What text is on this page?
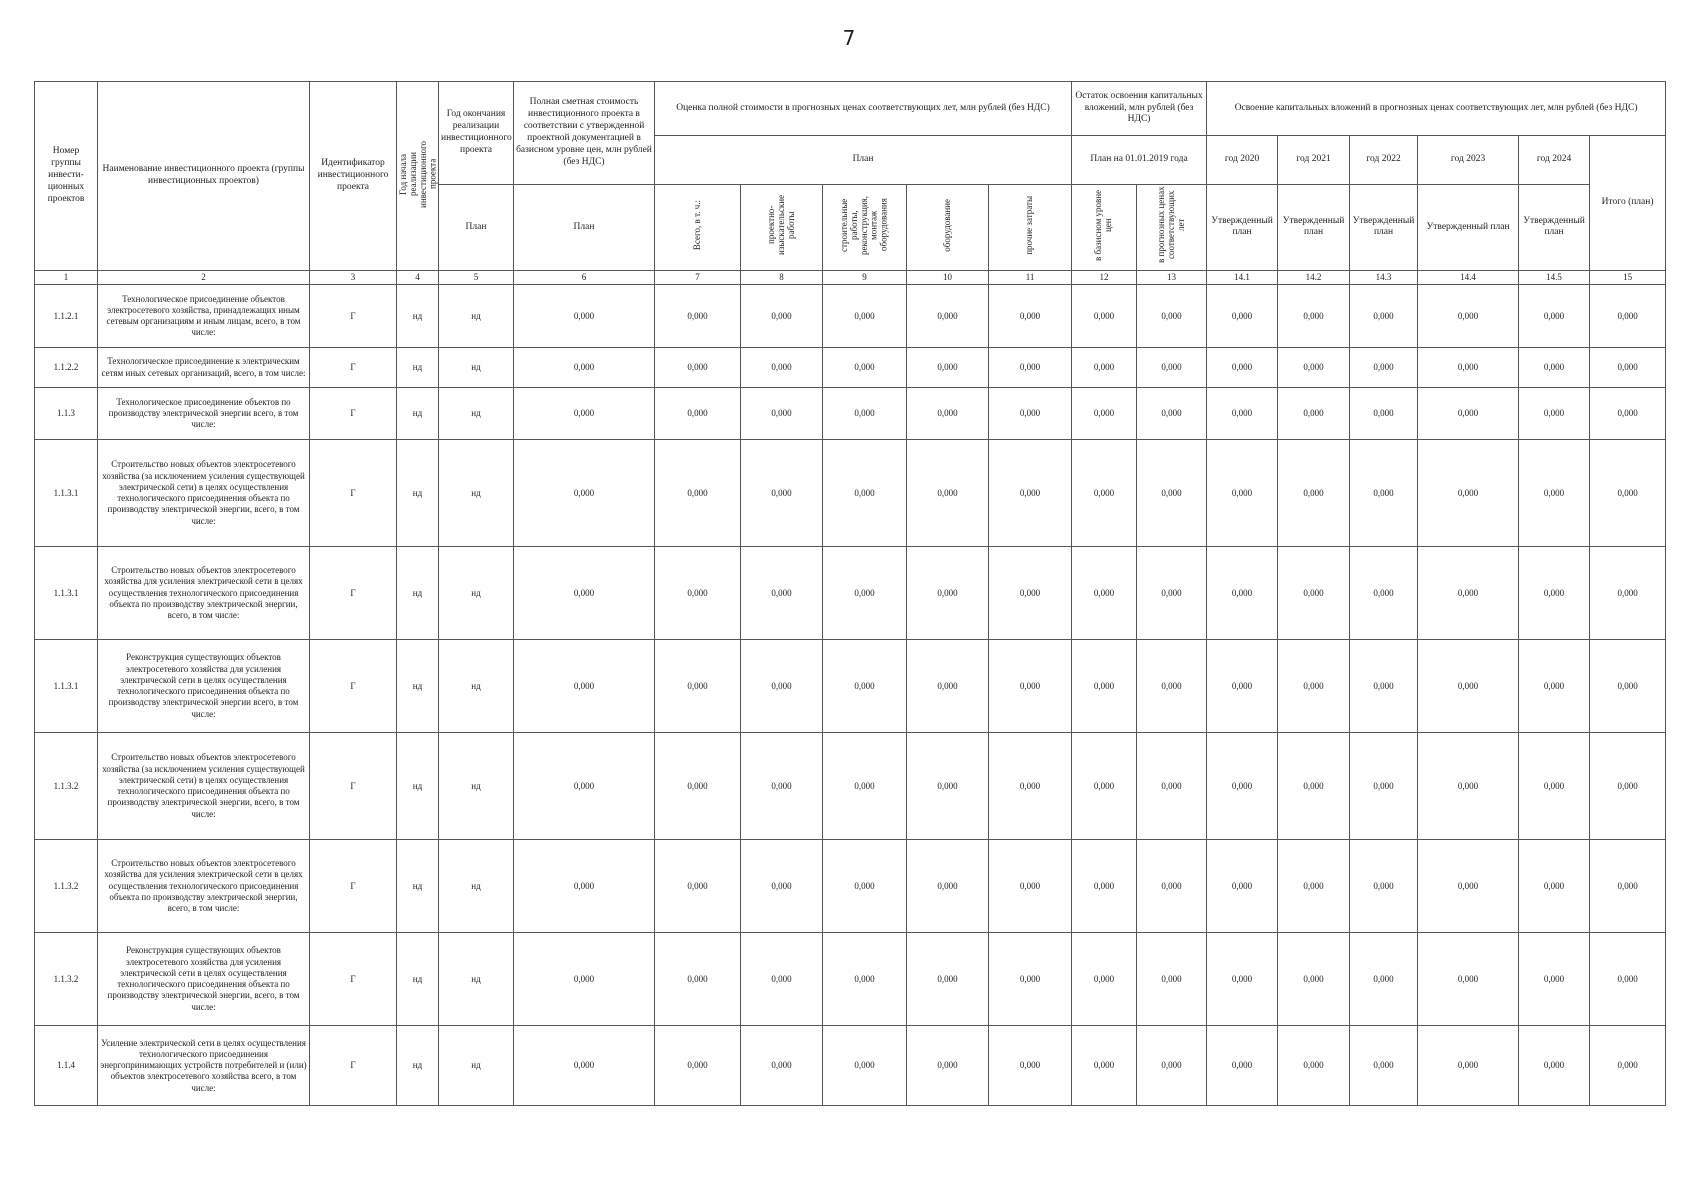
7
Номер группы инвести-ционных проектов	Наименование инвестиционного проекта (группы инвестиционных проектов)	Идентификатор инвестиционного проекта	Год начала реализации инвестиционного проекта	Год окончания реализации инвестиционного проекта	Полная сметная стоимость инвестиционного проекта в соответствии с утвержденной проектной документацией в базисном уровне цен, млн рублей (без НДС)	Оценка полной стоимости в прогнозных ценах соответствующих лет, млн рублей (без НДС)					Остаток освоения капитальных вложений, млн рублей (без НДС)		Освоение капитальных вложений в прогнозных ценах соответствующих лет, млн рублей (без НДС)					
						План					План на 01.01.2019 года		год 2020	год 2021	год 2022	год 2023	год 2024	Итого (план)
				План	План	Всего, в т. ч.:	проектно-изыскательские работы	строительные работы, реконструкция, монтаж оборудования	оборудование	прочие затраты	в базисном уровне цен	в прогнозных ценах соответствующих лет	Утвержденный план	Утвержденный план	Утвержденный план	Утвержденный план	Утвержденный план	
1	2	3	4	5	6	7	8	9	10	11	12	13	14.1	14.2	14.3	14.4	14.5	15
1.1.2.1	Технологическое присоединение объектов электросетевого хозяйства, принадлежащих иным сетевым организациям и иным лицам, всего, в том числе:	Г	нд	нд	0,000	0,000	0,000	0,000	0,000	0,000	0,000	0,000	0,000	0,000	0,000	0,000	0,000	0,000
1.1.2.2	Технологическое присоединение к электрическим сетям иных сетевых организаций, всего, в том числе:	Г	нд	нд	0,000	0,000	0,000	0,000	0,000	0,000	0,000	0,000	0,000	0,000	0,000	0,000	0,000	0,000
1.1.3	Технологическое присоединение объектов по производству электрической энергии всего, в том числе:	Г	нд	нд	0,000	0,000	0,000	0,000	0,000	0,000	0,000	0,000	0,000	0,000	0,000	0,000	0,000	0,000
1.1.3.1	Строительство новых объектов электросетевого хозяйства (за исключением усиления существующей электрической сети) в целях осуществления технологического присоединения объекта по производству электрической энергии, всего, в том числе:	Г	нд	нд	0,000	0,000	0,000	0,000	0,000	0,000	0,000	0,000	0,000	0,000	0,000	0,000	0,000	0,000
1.1.3.1	Строительство новых объектов электросетевого хозяйства для усиления электрической сети в целях осуществления технологического присоединения объекта по производству электрической энергии, всего, в том числе:	Г	нд	нд	0,000	0,000	0,000	0,000	0,000	0,000	0,000	0,000	0,000	0,000	0,000	0,000	0,000	0,000
1.1.3.1	Реконструкция существующих объектов электросетевого хозяйства для усиления электрической сети в целях осуществления технологического присоединения объекта по производству электрической энергии всего, в том числе:	Г	нд	нд	0,000	0,000	0,000	0,000	0,000	0,000	0,000	0,000	0,000	0,000	0,000	0,000	0,000	0,000
1.1.3.2	Строительство новых объектов электросетевого хозяйства (за исключением усиления существующей электрической сети) в целях осуществления технологического присоединения объекта по производству электрической энергии, всего, в том числе:	Г	нд	нд	0,000	0,000	0,000	0,000	0,000	0,000	0,000	0,000	0,000	0,000	0,000	0,000	0,000	0,000
1.1.3.2	Строительство новых объектов электросетевого хозяйства для усиления электрической сети в целях осуществления технологического присоединения объекта по производству электрической энергии, всего, в том числе:	Г	нд	нд	0,000	0,000	0,000	0,000	0,000	0,000	0,000	0,000	0,000	0,000	0,000	0,000	0,000	0,000
1.1.3.2	Реконструкция существующих объектов электросетевого хозяйства для усиления электрической сети в целях осуществления технологического присоединения объекта по производству электрической энергии, всего, в том числе:	Г	нд	нд	0,000	0,000	0,000	0,000	0,000	0,000	0,000	0,000	0,000	0,000	0,000	0,000	0,000	0,000
1.1.4	Усиление электрической сети в целях осуществления технологического присоединения энергопринимающих устройств потребителей и (или) объектов электросетевого хозяйства всего, в том числе:	Г	нд	нд	0,000	0,000	0,000	0,000	0,000	0,000	0,000	0,000	0,000	0,000	0,000	0,000	0,000	0,000
